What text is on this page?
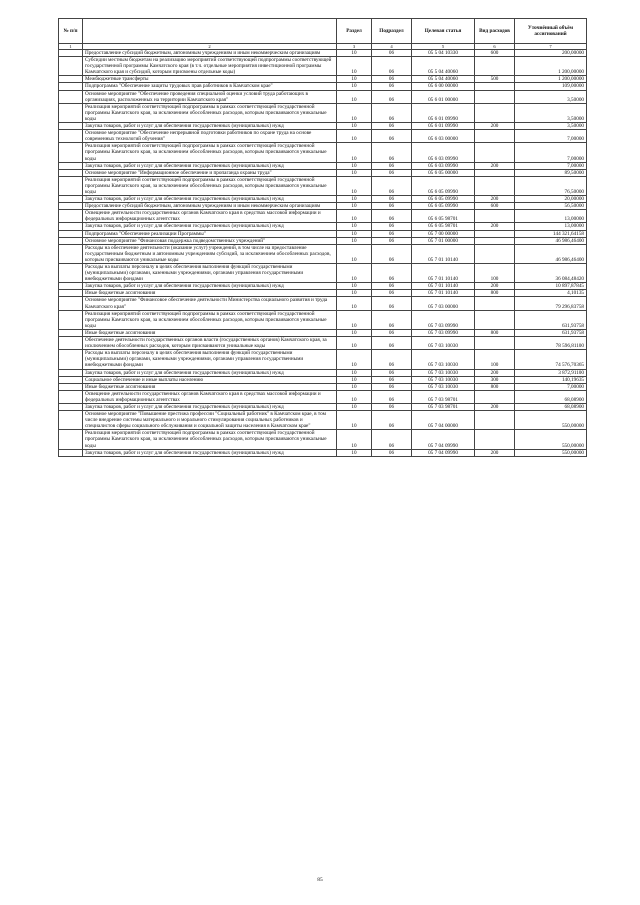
№ п/п		Раздел	Подраздел	Целевая статья	Вид расходов	Уточнённый объём ассигнований
1	2	3	4	5	6	7
	Предоставление субсидий бюджетным, автономным учреждениям и иным некоммерческим организациям	10	06	05 5 04 10330	600	200,00000
	Субсидии местным бюджетам на реализацию мероприятий соответствующей подпрограммы соответствующей государственной программы Камчатского края (в т.ч. отдельные мероприятия инвестиционной программы Камчатского края и субсидий, которым присвоены отдельные коды)	10	06	05 5 04 40060		1 200,00000
	Межбюджетные трансферты	10	06	05 5 04 40060	500	1 200,00000
	Подпрограмма "Обеспечение защиты трудовых прав работников в Камчатском крае"	10	06	05 6 00 00000		109,00000
	Основное мероприятие "Обеспечение проведения специальной оценки условий труда работающих в организациях, расположенных на территории Камчатского края"	10	06	05 6 01 00000		3,50000
	Реализация мероприятий соответствующей подпрограммы в рамках соответствующей государственной программы Камчатского края, за исключением обособленных расходов, которым присваиваются уникальные коды	10	06	05 6 01 09990		3,50000
	Закупка товаров, работ и услуг для обеспечения государственных (муниципальных) нужд	10	06	05 6 01 09990	200	3,50000
	Основное мероприятие "Обеспечение непрерывной подготовки работников по охране труда на основе современных технологий обучения"	10	06	05 6 03 00000		7,00000
	Реализация мероприятий соответствующей подпрограммы в рамках соответствующей государственной программы Камчатского края, за исключением обособленных расходов, которым присваиваются уникальные коды	10	06	05 6 03 09990		7,00000
	Закупка товаров, работ и услуг для обеспечения государственных (муниципальных) нужд	10	06	05 6 03 09990	200	7,00000
	Основное мероприятие "Информационное обеспечение и пропаганда охраны труда"	10	06	05 6 05 00000		89,50000
	Реализация мероприятий соответствующей подпрограммы в рамках соответствующей государственной программы Камчатского края, за исключением обособленных расходов, которым присваиваются уникальные коды	10	06	05 6 05 09990		76,50000
	Закупка товаров, работ и услуг для обеспечения государственных (муниципальных) нужд	10	06	05 6 05 09990	200	20,00000
	Предоставление субсидий бюджетным, автономным учреждениям и иным некоммерческим организациям	10	06	05 6 05 09990	600	56,50000
	Освещение деятельности государственных органов Камчатского края в средствах массовой информации и федеральных информационных агентствах	10	06	05 6 05 98701		13,00000
	Закупка товаров, работ и услуг для обеспечения государственных (муниципальных) нужд	10	06	05 6 05 98701	200	13,00000
	Подпрограмма "Обеспечение реализации Программы"	10	06	05 7 00 00000		144 321,64158
	Основное мероприятие "Финансовая поддержка подведомственных учреждений"	10	06	05 7 01 00000		46 986,46400
	Расходы на обеспечение деятельности (оказание услуг) учреждений, в том числе на предоставление государственным бюджетным и автономным учреждениям субсидий, за исключением обособленных расходов, которым присваиваются уникальные коды	10	06	05 7 01 10140		46 986,46400
	Расходы на выплаты персоналу в целях обеспечения выполнения функций государственными (муниципальными) органами, казенными учреждениями, органами управления государственными внебюджетными фондами	10	06	05 7 01 10140	100	36 084,48420
	Закупка товаров, работ и услуг для обеспечения государственных (муниципальных) нужд	10	06	05 7 01 10140	200	10 897,87845
	Иные бюджетные ассигнования	10	06	05 7 01 10140	800	4,10135
	Основное мероприятие "Финансовое обеспечение деятельности Министерства социального развития и труда Камчатского края"	10	06	05 7 03 00000		79 296,83758
	Реализация мероприятий соответствующей подпрограммы в рамках соответствующей государственной программы Камчатского края, за исключением обособленных расходов, которым присваиваются уникальные коды	10	06	05 7 03 09990		631,93758
	Иные бюджетные ассигнования	10	06	05 7 03 09990	800	631,93758
	Обеспечение деятельности государственных органов власти (государственных органов) Камчатского края, за исключением обособленных расходов, которым присваиваются уникальные коды	10	06	05 7 03 10030		78 596,81100
	Расходы на выплаты персоналу в целях обеспечения выполнения функций государственными (муниципальными) органами, казенными учреждениями, органами управления государственными внебюджетными фондами	10	06	05 7 03 10030	100	74 576,70365
	Закупка товаров, работ и услуг для обеспечения государственных (муниципальных) нужд	10	06	05 7 03 10030	200	3 872,91100
	Социальное обеспечение и иные выплаты населению	10	06	05 7 03 10030	300	140,19635
	Иные бюджетные ассигнования	10	06	05 7 03 10030	800	7,00000
	Освещение деятельности государственных органов Камчатского края в средствах массовой информации и федеральных информационных агентствах	10	06	05 7 03 98701		68,08900
	Закупка товаров, работ и услуг для обеспечения государственных (муниципальных) нужд	10	06	05 7 03 98701	200	68,08900
	Основное мероприятие "Повышение престижа профессии "Социальный работник" в Камчатском крае, в том числе внедрение системы материального и морального стимулирования социальных работников и специалистов сферы социального обслуживания и социальной защиты населения в Камчатском крае"	10	06	05 7 04 00000		550,00000
	Реализация мероприятий соответствующей подпрограммы в рамках соответствующей государственной программы Камчатского края, за исключением обособленных расходов, которым присваиваются уникальные коды	10	06	05 7 04 09990		550,00000
	Закупка товаров, работ и услуг для обеспечения государственных (муниципальных) нужд	10	06	05 7 04 09990	200	550,00000
85
